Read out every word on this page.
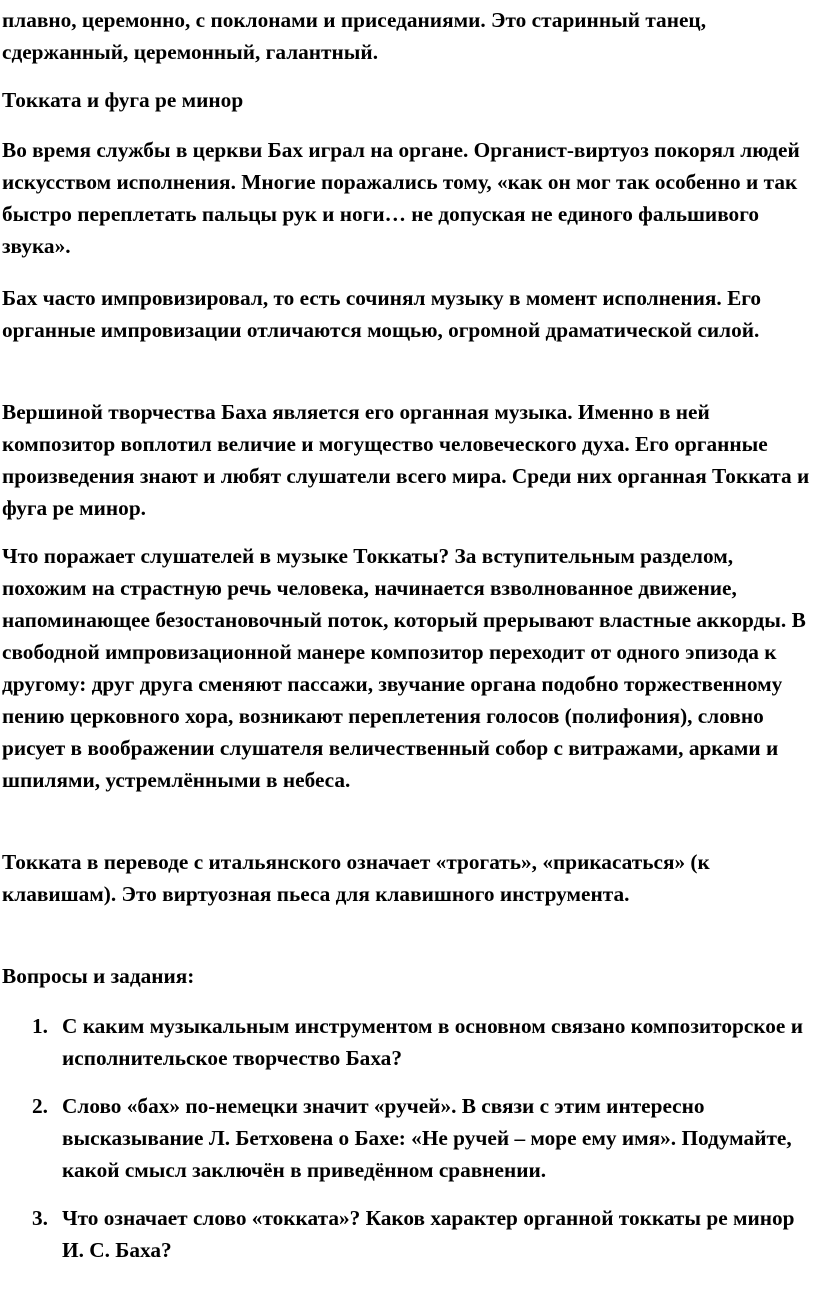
плавно, церемонно, с поклонами и приседаниями. Это старинный танец, сдержанный, церемонный, галантный.

Токката и фуга ре минор

Во время службы в церкви Бах играл на органе. Органист-виртуоз покорял людей искусством исполнения. Многие поражались тому, «как он мог так особенно и так быстро переплетать пальцы рук и ноги… не допуская не единого фальшивого звука».

Бах часто импровизировал, то есть сочинял музыку в момент исполнения. Его органные импровизации отличаются мощью, огромной драматической силой.

Вершиной творчества Баха является его органная музыка. Именно в ней композитор воплотил величие и могущество человеческого духа. Его органные произведения знают и любят слушатели всего мира. Среди них органная Токката и фуга ре минор.

Что поражает слушателей в музыке Токкаты? За вступительным разделом, похожим на страстную речь человека, начинается взволнованное движение, напоминающее безостановочный поток, который прерывают властные аккорды. В свободной импровизационной манере композитор переходит от одного эпизода к другому: друг друга сменяют пассажи, звучание органа подобно торжественному пению церковного хора, возникают переплетения голосов (полифония), словно рисует в воображении слушателя величественный собор с витражами, арками и шпилями, устремлёнными в небеса.

Токката в переводе с итальянского означает «трогать», «прикасаться» (к клавишам). Это виртуозная пьеса для клавишного инструмента.

Вопросы и задания:

1. С каким музыкальным инструментом в основном связано композиторское и исполнительское творчество Баха?
2. Слово «бах» по-немецки значит «ручей». В связи с этим интересно высказывание Л. Бетховена о Бахе: «Не ручей – море ему имя». Подумайте, какой смысл заключён в приведённом сравнении.
3. Что означает слово «токката»? Каков характер органной токкаты ре минор И. С. Баха?
